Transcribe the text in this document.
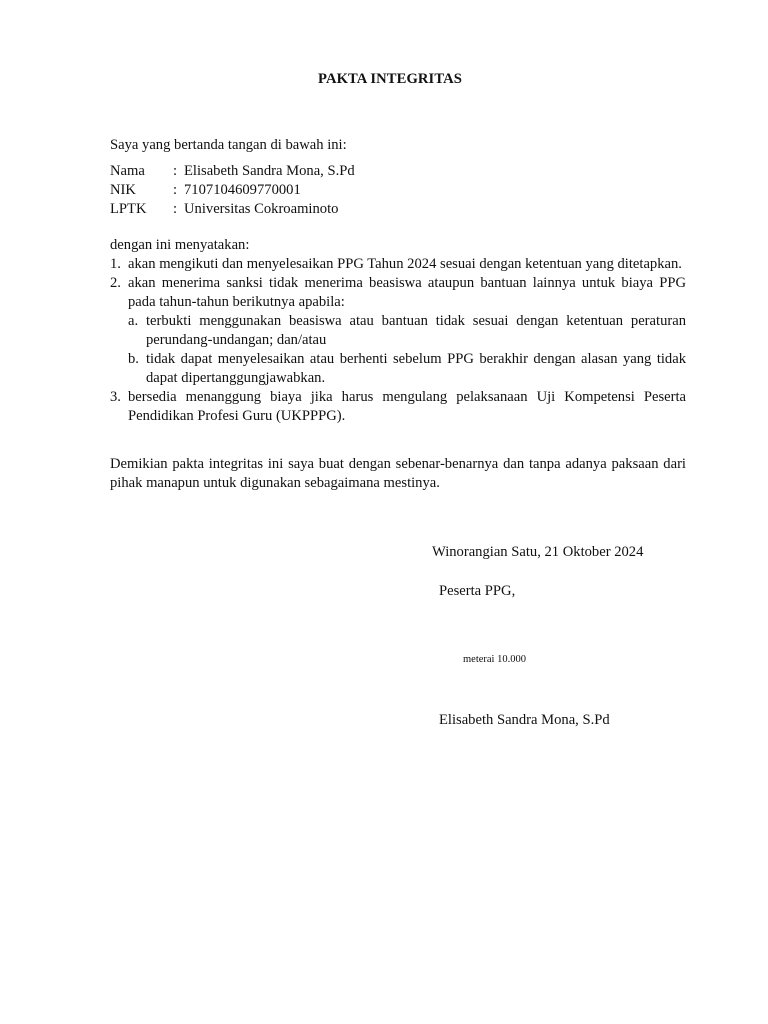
PAKTA INTEGRITAS
Saya yang bertanda tangan di bawah ini:
Nama	: Elisabeth Sandra Mona, S.Pd
NIK	: 7107104609770001
LPTK	: Universitas Cokroaminoto
dengan ini menyatakan:
1. akan mengikuti dan menyelesaikan PPG Tahun 2024 sesuai dengan ketentuan yang ditetapkan.
2. akan menerima sanksi tidak menerima beasiswa ataupun bantuan lainnya untuk biaya PPG pada tahun-tahun berikutnya apabila:
a. terbukti menggunakan beasiswa atau bantuan tidak sesuai dengan ketentuan peraturan perundang-undangan; dan/atau
b. tidak dapat menyelesaikan atau berhenti sebelum PPG berakhir dengan alasan yang tidak dapat dipertanggungjawabkan.
3. bersedia menanggung biaya jika harus mengulang pelaksanaan Uji Kompetensi Peserta Pendidikan Profesi Guru (UKPPPG).
Demikian pakta integritas ini saya buat dengan sebenar-benarnya dan tanpa adanya paksaan dari pihak manapun untuk digunakan sebagaimana mestinya.
Winorangian Satu, 21 Oktober 2024
Peserta PPG,
meterai 10.000
Elisabeth Sandra Mona, S.Pd
